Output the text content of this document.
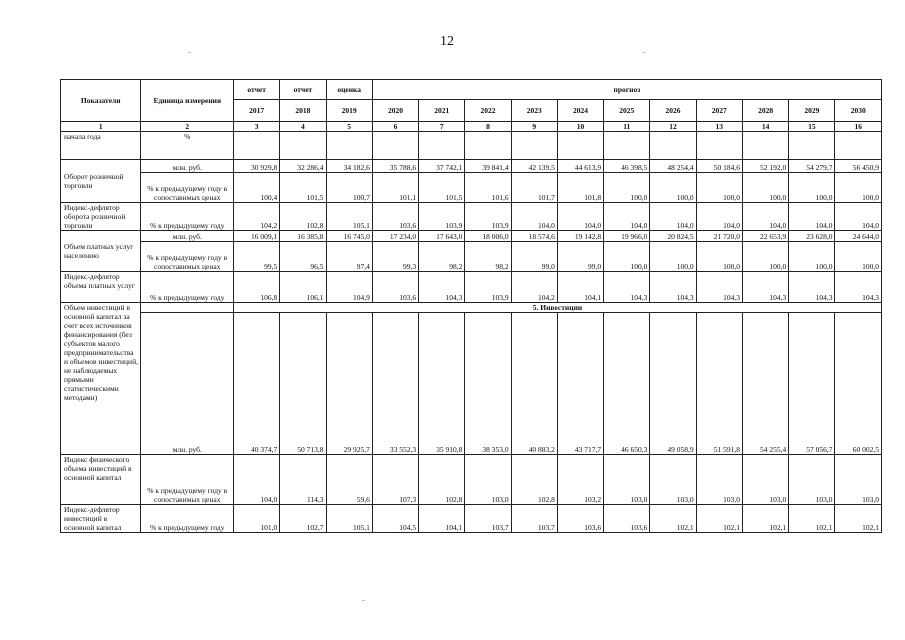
12
Показатели	Единица измерения	отчет	отчет	оценка	прогноз										
		2017	2018	2019	2020	2021	2022	2023	2024	2025	2026	2027	2028	2029	2030
1	2	3	4	5	6	7	8	9	10	11	12	13	14	15	16
начала года	%														
Оборот розничной торговли	млн. руб.	30 929,8	32 286,4	34 182,6	35 788,6	37 742,1	39 841,4	42 139,5	44 613,9	46 398,5	48 254,4	50 184,6	52 192,0	54 279,7	56 450,9
	% к предыдущему году в сопоставимых ценах	100,4	101,5	100,7	101,1	101,5	101,6	101,7	101,8	100,0	100,0	100,0	100,0	100,0	100,0
Индекс-дефлятор оборота розничной торговли	% к предыдущему году	104,2	102,8	105,1	103,6	103,9	103,9	104,0	104,0	104,0	104,0	104,0	104,0	104,0	104,0
Объем платных услуг населению	млн. руб.	16 009,1	16 385,8	16 745,0	17 234,0	17 643,0	18 006,0	18 574,6	19 142,8	19 966,0	20 824,5	21 720,0	22 653,9	23 628,0	24 644,0
	% к предыдущему году в сопоставимых ценах	99,5	96,5	97,4	99,3	98,2	98,2	99,0	99,0	100,0	100,0	100,0	100,0	100,0	100,0
Индекс-дефлятор объема платных услуг	% к предыдущему году	106,8	106,1	104,9	103,6	104,3	103,9	104,2	104,1	104,3	104,3	104,3	104,3	104,3	104,3
Объем инвестиций в основной капитал за счет всех источников финансирования (без субъектов малого предпринимательства и объемов инвестиций, не наблюдаемых прямыми статистическими методами)		5. Инвестиции													
	млн. руб.	40 374,7	50 713,8	29 925,7	33 552,3	35 910,8	38 353,0	40 883,2	43 717,7	46 650,3	49 058,9	51 591,8	54 255,4	57 056,7	60 002,5
Индекс физического объема инвестиций в основной капитал	% к предыдущему году в сопоставимых ценах	104,0	114,3	59,6	107,3	102,8	103,0	102,8	103,2	103,0	103,0	103,0	103,0	103,0	103,0
Индекс-дефлятор инвестиций в основной капитал	% к предыдущему году	101,0	102,7	105,1	104,5	104,1	103,7	103,7	103,6	103,6	102,1	102,1	102,1	102,1	102,1
